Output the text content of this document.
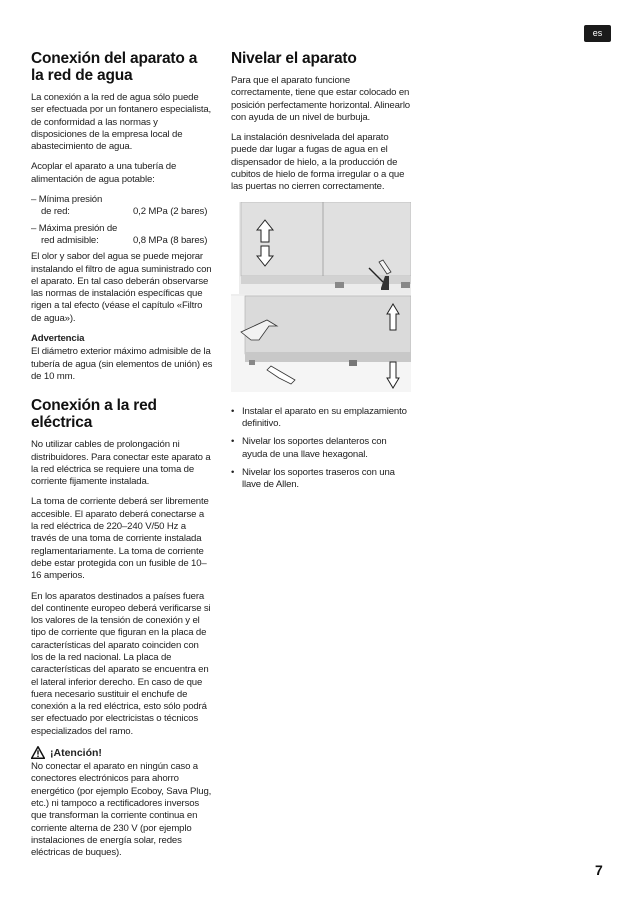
es
Conexión del aparato a la red de agua

La conexión a la red de agua sólo puede ser efectuada por un fontanero especialista, de conformidad a las normas y disposiciones de la empresa local de abastecimiento de agua.

Acoplar el aparato a una tubería de alimentación de agua potable:

– Mínima presión
de red:	0,2 MPa (2 bares)
– Máxima presión de
red admisible:	0,8 MPa (8 bares)

El olor y sabor del agua se puede mejorar instalando el filtro de agua suministrado con el aparato. En tal caso deberán observarse las normas de instalación específicas que rigen a tal efecto (véase el capítulo «Filtro de agua»).

Advertencia

El diámetro exterior máximo admisible de la tubería de agua (sin elementos de unión) es de 10 mm.

Conexión a la red eléctrica

No utilizar cables de prolongación ni distribuidores. Para conectar este aparato a la red eléctrica se requiere una toma de corriente fijamente instalada.

La toma de corriente deberá ser libremente accesible. El aparato deberá conectarse a la red eléctrica de 220–240 V/50 Hz a través de una toma de corriente instalada reglamentariamente. La toma de corriente debe estar protegida con un fusible de 10–16 amperios.

En los aparatos destinados a países fuera del continente europeo deberá verificarse si los valores de la tensión de conexión y el tipo de corriente que figuran en la placa de características del aparato coinciden con los de la red nacional. La placa de características del aparato se encuentra en el lateral inferior derecho. En caso de que fuera necesario sustituir el enchufe de conexión a la red eléctrica, esto sólo podrá ser efectuado por electricistas o técnicos especializados del ramo.

¡Atención!

No conectar el aparato en ningún caso a conectores electrónicos para ahorro energético (por ejemplo Ecoboy, Sava Plug, etc.) ni tampoco a rectificadores inversos que transforman la corriente continua en corriente alterna de 230 V (por ejemplo instalaciones de energía solar, redes eléctricas de buques).

Nivelar el aparato

Para que el aparato funcione correctamente, tiene que estar colocado en posición perfectamente horizontal. Alinearlo con ayuda de un nivel de burbuja.

La instalación desnivelada del aparato puede dar lugar a fugas de agua en el dispensador de hielo, a la producción de cubitos de hielo de forma irregular o a que las puertas no cierren correctamente.

• Instalar el aparato en su emplazamiento definitivo.
• Nivelar los soportes delanteros con ayuda de una llave hexagonal.
• Nivelar los soportes traseros con una llave de Allen.
7
